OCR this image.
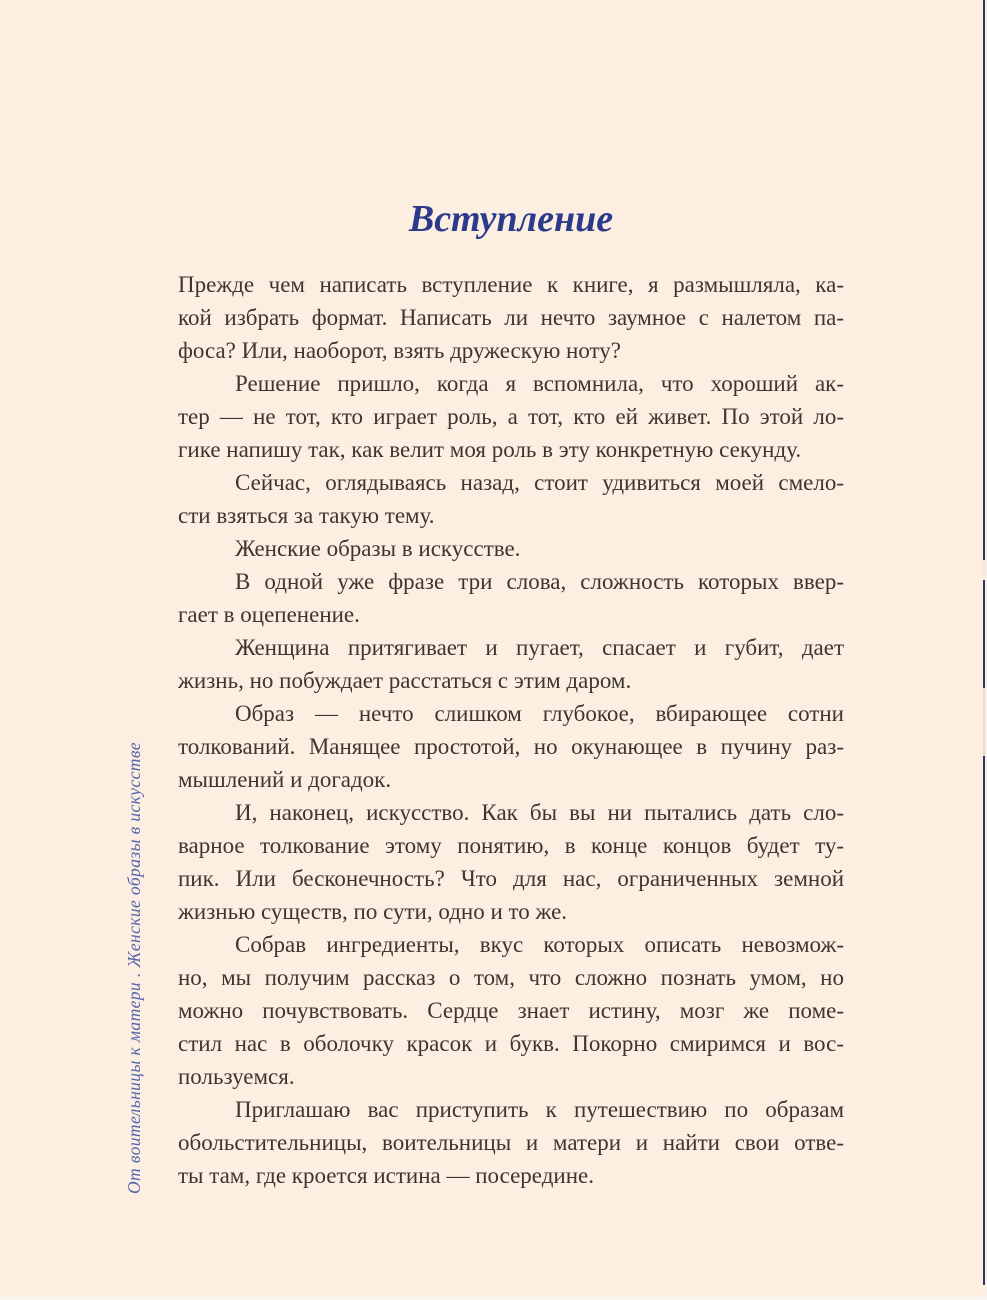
Вступление
Прежде чем написать вступление к книге, я размышляла, ка-
кой избрать формат. Написать ли нечто заумное с налетом па-
фоса? Или, наоборот, взять дружескую ноту?
Решение пришло, когда я вспомнила, что хороший ак-
тер — не тот, кто играет роль, а тот, кто ей живет. По этой ло-
гике напишу так, как велит моя роль в эту конкретную секунду.
Сейчас, оглядываясь назад, стоит удивиться моей смело-
сти взяться за такую тему.
Женские образы в искусстве.
В одной уже фразе три слова, сложность которых ввер-
гает в оцепенение.
Женщина притягивает и пугает, спасает и губит, дает
жизнь, но побуждает расстаться с этим даром.
Образ — нечто слишком глубокое, вбирающее сотни
толкований. Манящее простотой, но окунающее в пучину раз-
мышлений и догадок.
И, наконец, искусство. Как бы вы ни пытались дать сло-
варное толкование этому понятию, в конце концов будет ту-
пик. Или бесконечность? Что для нас, ограниченных земной
жизнью существ, по сути, одно и то же.
Собрав ингредиенты, вкус которых описать невозмож-
но, мы получим рассказ о том, что сложно познать умом, но
можно почувствовать. Сердце знает истину, мозг же поме-
стил нас в оболочку красок и букв. Покорно смиримся и вос-
пользуемся.
Приглашаю вас приступить к путешествию по образам
обольстительницы, воительницы и матери и найти свои отве-
ты там, где кроется истина — посередине.
От воительницы к матери . Женские образы в искусстве
